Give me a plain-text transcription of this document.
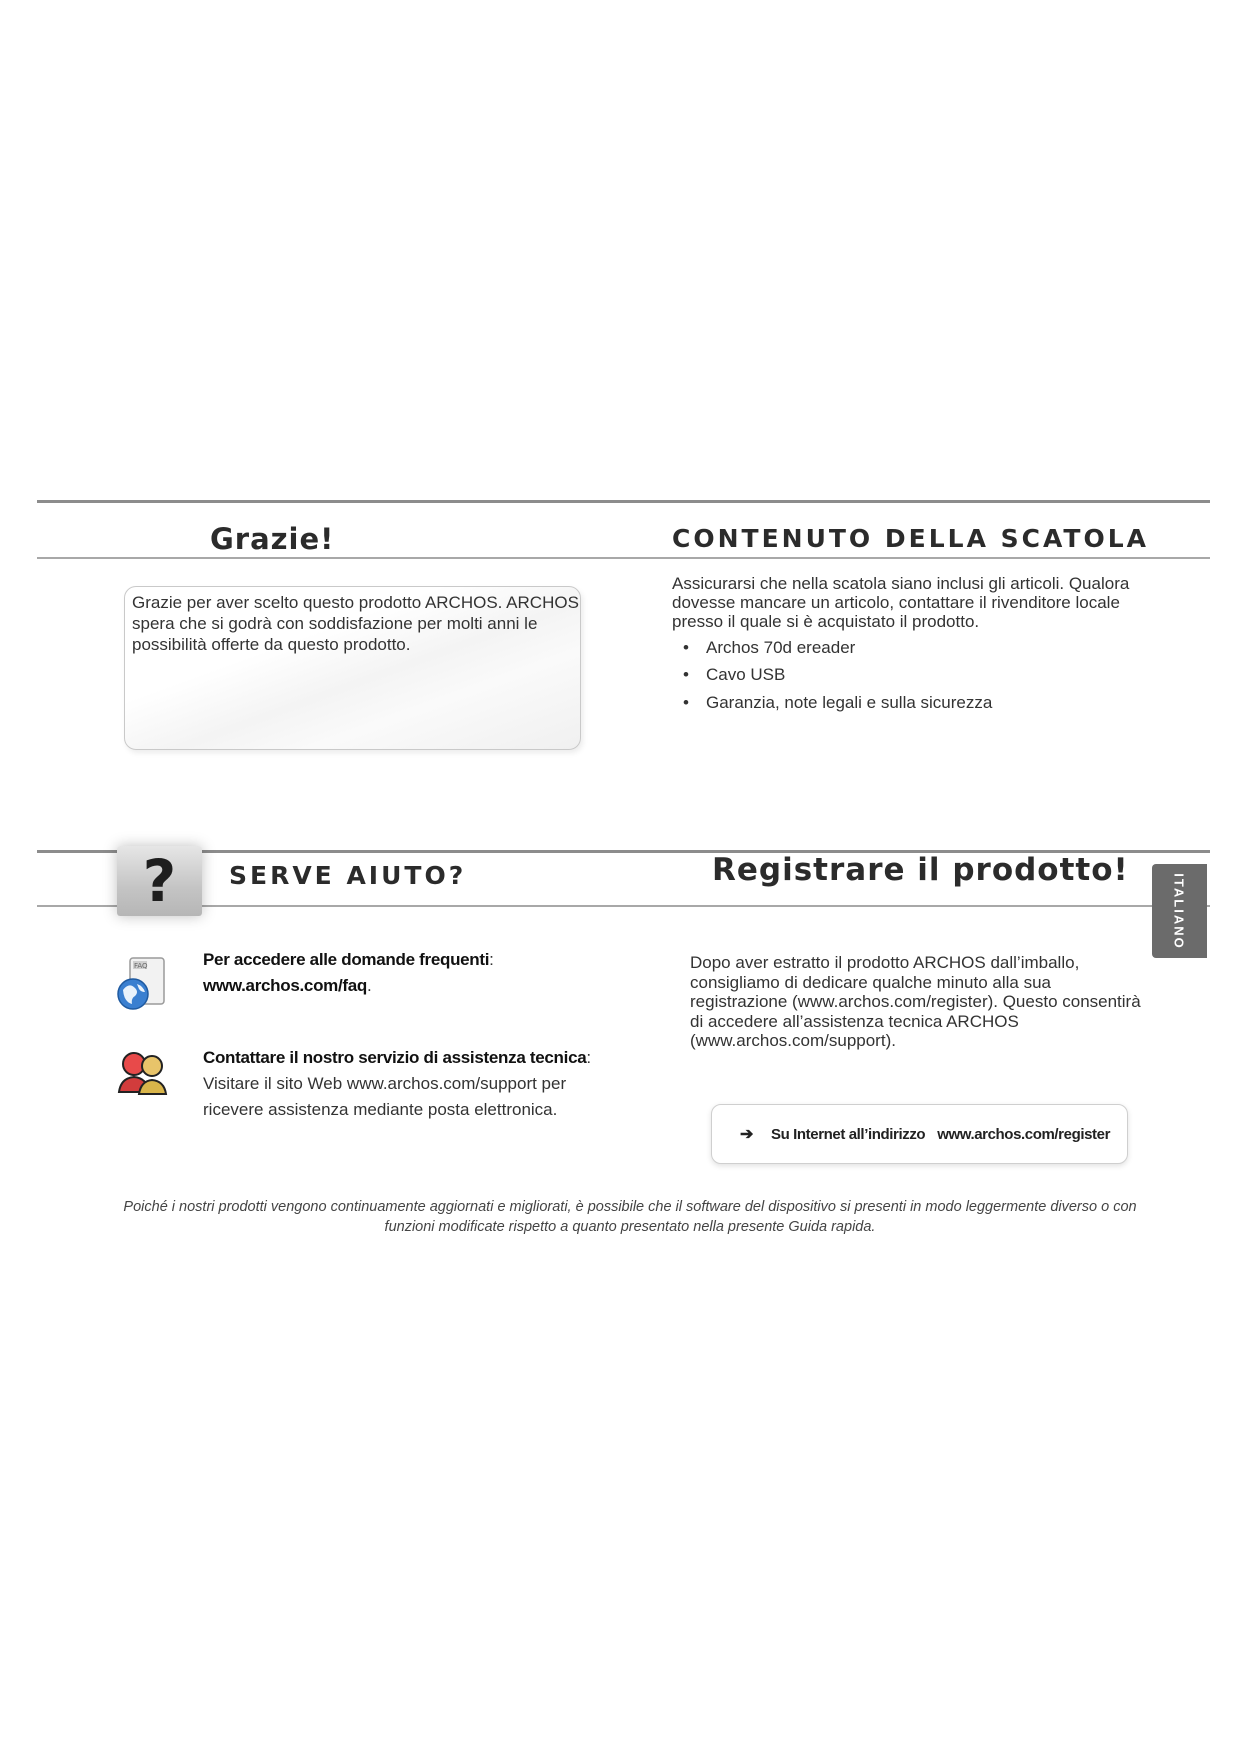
Grazie!	CONTENUTO DELLA SCATOLA
Grazie per aver scelto questo prodotto ARCHOS. ARCHOS spera che si godrà con soddisfazione per molti anni le possibilità offerte da questo prodotto.
Assicurarsi che nella scatola siano inclusi gli articoli. Qualora dovesse mancare un articolo, contattare il rivenditore locale presso il quale si è acquistato il prodotto.
• Archos 70d ereader
• Cavo USB
• Garanzia, note legali e sulla sicurezza
?	SERVE AIUTO?	Registrare il prodotto!
ITALIANO
FAQ	Per accedere alle domande frequenti: www.archos.com/faq.
Contattare il nostro servizio di assistenza tecnica: Visitare il sito Web www.archos.com/support per ricevere assistenza mediante posta elettronica.
Dopo aver estratto il prodotto ARCHOS dall’imballo, consigliamo di dedicare qualche minuto alla sua registrazione (www.archos.com/register). Questo consentirà di accedere all’assistenza tecnica ARCHOS (www.archos.com/support).
➔ Su Internet all’indirizzo www.archos.com/register
Poiché i nostri prodotti vengono continuamente aggiornati e migliorati, è possibile che il software del dispositivo si presenti in modo leggermente diverso o con funzioni modificate rispetto a quanto presentato nella presente Guida rapida.
